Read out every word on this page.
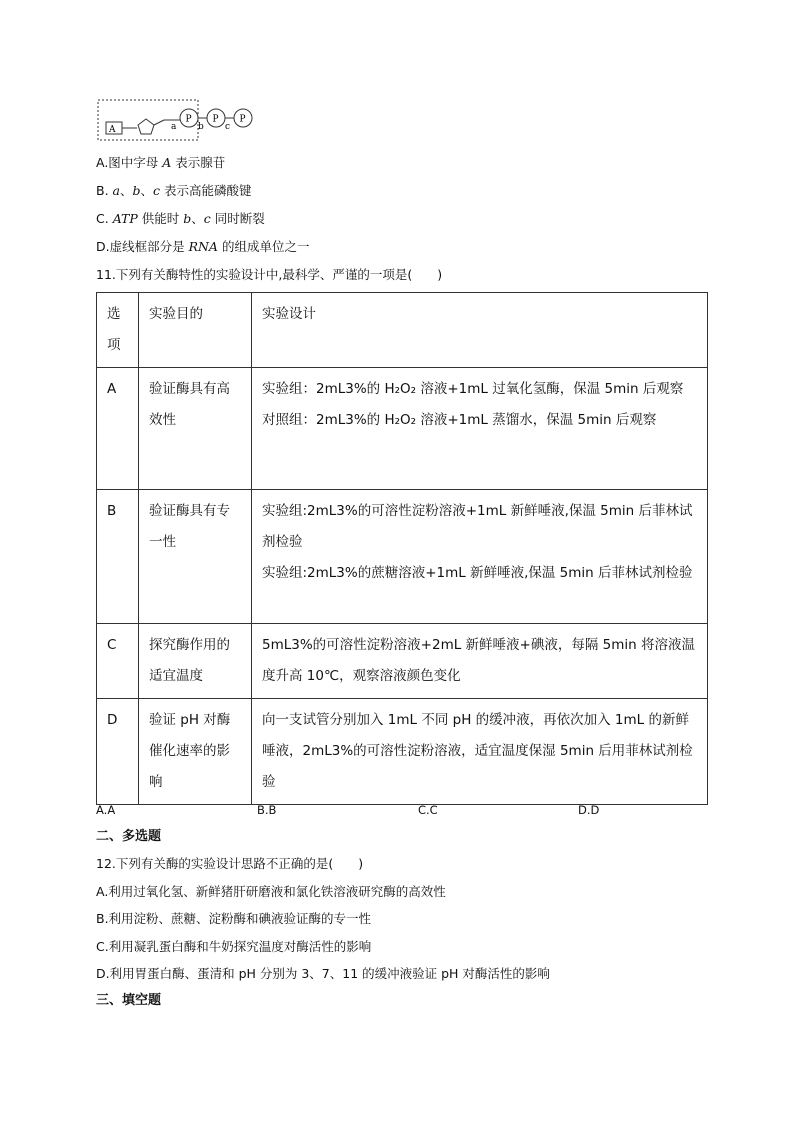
A	a
P
b
P
c
P
A.图中字母 A 表示腺苷
B. a、b、c 表示高能磷酸键
C. ATP 供能时 b、c 同时断裂
D.虚线框部分是 RNA 的组成单位之一
11.下列有关酶特性的实验设计中,最科学、严谨的一项是(　　)
选项	实验目的	实验设计

A	验证酶具有高效性	实验组：2mL3%的 H₂O₂ 溶液+1mL 过氧化氢酶，保温 5min 后观察
对照组：2mL3%的 H₂O₂ 溶液+1mL 蒸馏水，保温 5min 后观察

B	验证酶具有专一性	实验组:2mL3%的可溶性淀粉溶液+1mL 新鲜唾液,保温 5min 后菲林试剂检验
实验组:2mL3%的蔗糖溶液+1mL 新鲜唾液,保温 5min 后菲林试剂检验

C	探究酶作用的适宜温度	5mL3%的可溶性淀粉溶液+2mL 新鲜唾液+碘液，每隔 5min 将溶液温度升高 10℃，观察溶液颜色变化

D	验证 pH 对酶催化速率的影响	向一支试管分别加入 1mL 不同 pH 的缓冲液，再依次加入 1mL 的新鲜唾液，2mL3%的可溶性淀粉溶液，适宜温度保湿 5min 后用菲林试剂检验
A.A	B.B	C.C	D.D
二、多选题
12.下列有关酶的实验设计思路不正确的是(　　)
A.利用过氧化氢、新鲜猪肝研磨液和氯化铁溶液研究酶的高效性
B.利用淀粉、蔗糖、淀粉酶和碘液验证酶的专一性
C.利用凝乳蛋白酶和牛奶探究温度对酶活性的影响
D.利用胃蛋白酶、蛋清和 pH 分别为 3、7、11 的缓冲液验证 pH 对酶活性的影响
三、填空题
